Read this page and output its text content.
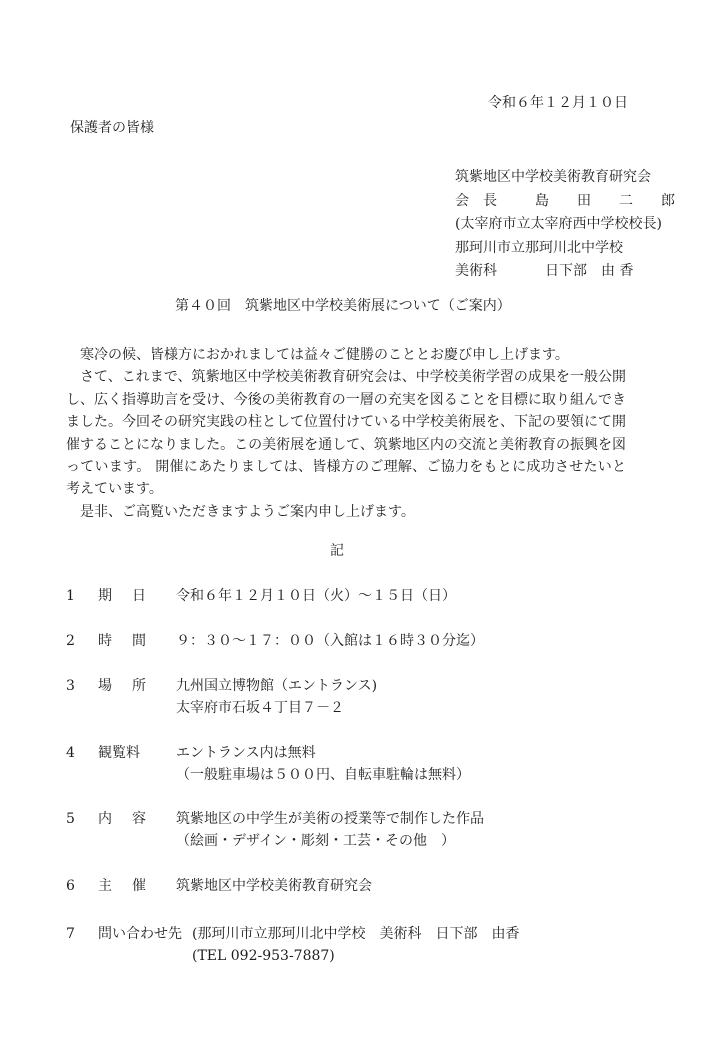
令和６年１２月１０日
保護者の皆様
筑紫地区中学校美術教育研究会
会　長	島　田　二　郎
(太宰府市立太宰府西中学校校長)
那珂川市立那珂川北中学校
美術科	日下部　由 香
第４０回　筑紫地区中学校美術展について（ご案内）

寒冷の候、皆様方におかれましては益々ご健勝のこととお慶び申し上げます。

さて、これまで、筑紫地区中学校美術教育研究会は、中学校美術学習の成果を一般公開し、広く指導助言を受け、今後の美術教育の一層の充実を図ることを目標に取り組んできました。今回その研究実践の柱として位置付けている中学校美術展を、下記の要領にて開催することになりました。この美術展を通して、筑紫地区内の交流と美術教育の振興を図っています。 開催にあたりましては、皆様方のご理解、ご協力をもとに成功させたいと考えています。

是非、ご高覧いただきますようご案内申し上げます。

記
1 期日 令和６年１２月１０日（火）～１５日（日）
2 時間 ９：３０～１７：００（入館は１６時３０分迄）
3 場所 九州国立博物館（エントランス)
太宰府市石坂４丁目７－２
4 観覧料	エントランス内は無料
（一般駐車場は５００円、自転車駐輪は無料）
5 内容 筑紫地区の中学生が美術の授業等で制作した作品
（絵画・デザイン・彫刻・工芸・その他　）
6 主催 筑紫地区中学校美術教育研究会
7 問い合わせ先 (那珂川市立那珂川北中学校　美術科　日下部　由香
(TEL 092-953-7887)
